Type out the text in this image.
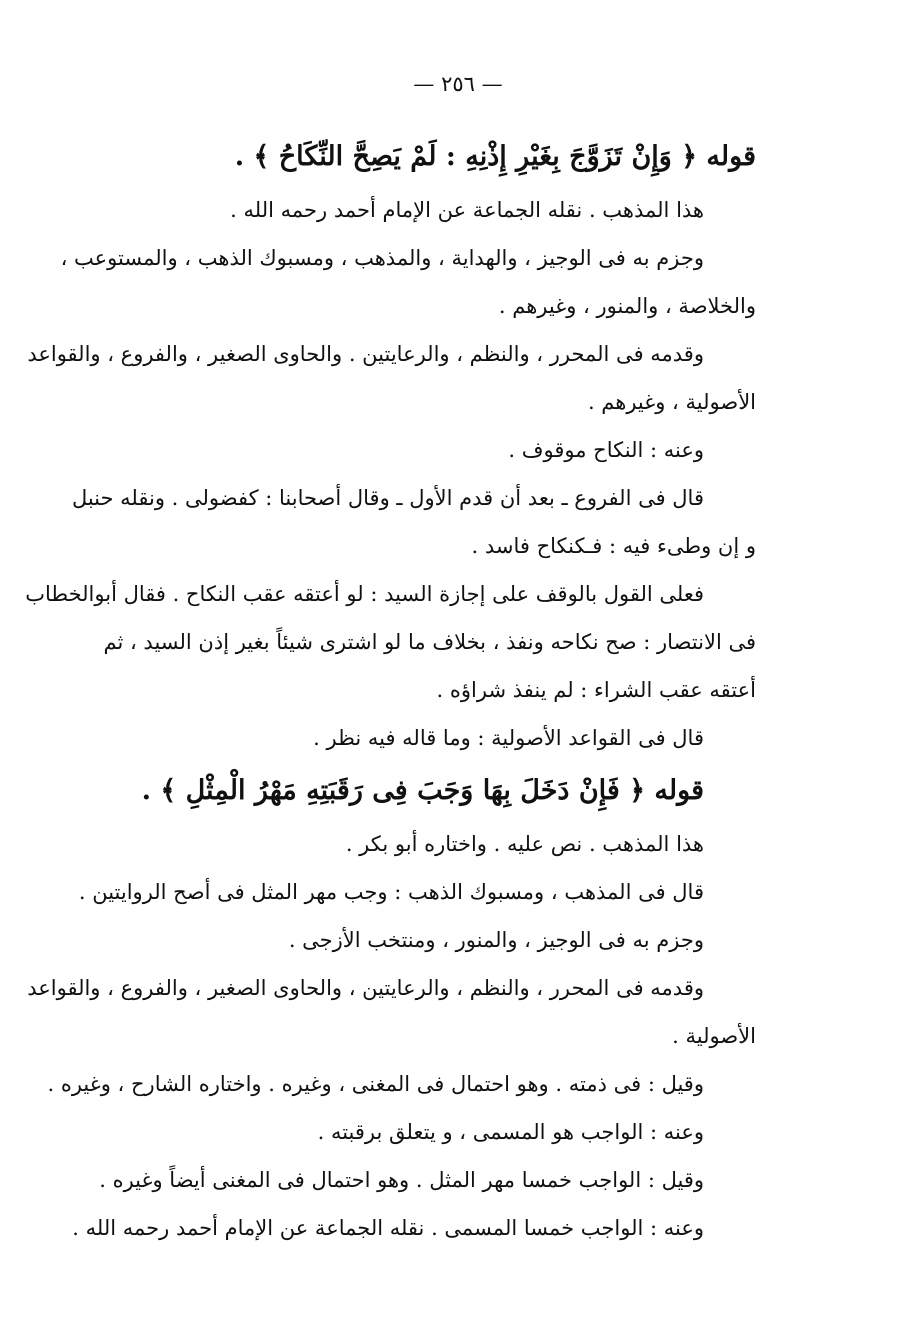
— ٢٥٦ —

قوله ﴿ وَإِنْ تَزَوَّجَ بِغَيْرِ إِذْنِهِ : لَمْ يَصِحَّ النِّكَاحُ ﴾ .

هذا المذهب . نقله الجماعة عن الإمام أحمد رحمه الله .

وجزم به فى الوجيز ، والهداية ، والمذهب ، ومسبوك الذهب ، والمستوعب ،

والخلاصة ، والمنور ، وغيرهم .

وقدمه فى المحرر ، والنظم ، والرعايتين . والحاوى الصغير ، والفروع ، والقواعد

الأصولية ، وغيرهم .

وعنه : النكاح موقوف .

قال فى الفروع ـ بعد أن قدم الأول ـ وقال أصحابنا : كفضولى . ونقله حنبل

و إن وطىء فيه : فـكنكاح فاسد .

فعلى القول بالوقف على إجازة السيد : لو أعتقه عقب النكاح . فقال أبوالخطاب

فى الانتصار : صح نكاحه ونفذ ، بخلاف ما لو اشترى شيئاً بغير إذن السيد ، ثم

أعتقه عقب الشراء : لم ينفذ شراؤه .

قال فى القواعد الأصولية : وما قاله فيه نظر .

قوله ﴿ فَإِنْ دَخَلَ بِهَا وَجَبَ فِى رَقَبَتِهِ مَهْرُ الْمِثْلِ ﴾ .

هذا المذهب . نص عليه . واختاره أبو بكر .

قال فى المذهب ، ومسبوك الذهب : وجب مهر المثل فى أصح الروايتين .

وجزم به فى الوجيز ، والمنور ، ومنتخب الأزجى .

وقدمه فى المحرر ، والنظم ، والرعايتين ، والحاوى الصغير ، والفروع ، والقواعد

الأصولية .

وقيل : فى ذمته . وهو احتمال فى المغنى ، وغيره . واختاره الشارح ، وغيره .

وعنه : الواجب هو المسمى ، و يتعلق برقبته .

وقيل : الواجب خمسا مهر المثل . وهو احتمال فى المغنى أيضاً وغيره .

وعنه : الواجب خمسا المسمى . نقله الجماعة عن الإمام أحمد رحمه الله .
